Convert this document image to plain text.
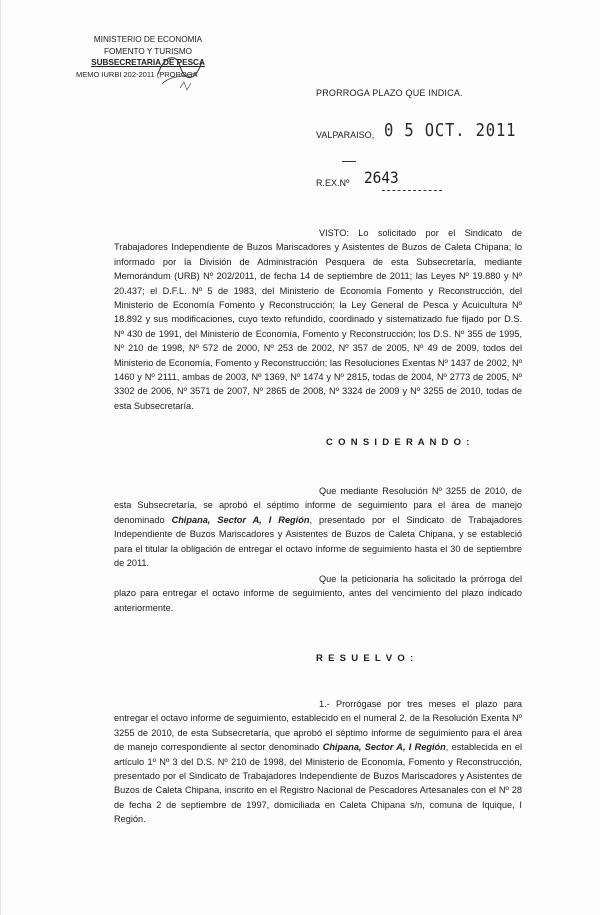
MINISTERIO DE ECONOMIA
FOMENTO Y TURISMO
SUBSECRETARIA DE PESCA
MEMO IURBI 202-2011 (PROROGA
PRORROGA PLAZO QUE INDICA.
VALPARAISO, 0 5 OCT. 2011
R.EX.Nº 2643
VISTO: Lo solicitado por el Sindicato de Trabajadores Independiente de Buzos Mariscadores y Asistentes de Buzos de Caleta Chipana; lo informado por la División de Administración Pesquera de esta Subsecretaría, mediante Memorándum (URB) Nº 202/2011, de fecha 14 de septiembre de 2011; las Leyes Nº 19.880 y Nº 20.437; el D.F.L. Nº 5 de 1983, del Ministerio de Economía Fomento y Reconstrucción, del Ministerio de Economía Fomento y Reconstrucción; la Ley General de Pesca y Acuicultura Nº 18.892 y sus modificaciones, cuyo texto refundido, coordinado y sistematizado fue fijado por D.S. Nº 430 de 1991, del Ministerio de Economía, Fomento y Reconstrucción; los D.S. Nº 355 de 1995, Nº 210 de 1998, Nº 572 de 2000, Nº 253 de 2002, Nº 357 de 2005, Nº 49 de 2009, todos del Ministerio de Economía, Fomento y Reconstrucción; las Resoluciones Exentas Nº 1437 de 2002, Nº 1460 y Nº 2111, ambas de 2003, Nº 1369, Nº 1474 y Nº 2815, todas de 2004, Nº 2773 de 2005, Nº 3302 de 2006, Nº 3571 de 2007, Nº 2865 de 2008, Nº 3324 de 2009 y Nº 3255 de 2010, todas de esta Subsecretaría.
C O N S I D E R A N D O :
Que mediante Resolución Nº 3255 de 2010, de esta Subsecretaría, se aprobó el séptimo informe de seguimiento para el área de manejo denominado Chipana, Sector A, I Región, presentado por el Sindicato de Trabajadores Independiente de Buzos Mariscadores y Asistentes de Buzos de Caleta Chipana, y se estableció para el titular la obligación de entregar el octavo informe de seguimiento hasta el 30 de septiembre de 2011.
Que la peticionaria ha solicitado la prórroga del plazo para entregar el octavo informe de seguimiento, antes del vencimiento del plazo indicado anteriormente.
R E S U E L V O :
1.- Prorrógase por tres meses el plazo para entregar el octavo informe de seguimiento, establecido en el numeral 2. de la Resolución Exenta Nº 3255 de 2010, de esta Subsecretaría, que aprobó el séptimo informe de seguimiento para el área de manejo correspondiente al sector denominado Chipana, Sector A, I Región, establecida en el artículo 1º Nº 3 del D.S. Nº 210 de 1998, del Ministerio de Economía, Fomento y Reconstrucción, presentado por el Sindicato de Trabajadores Independiente de Buzos Mariscadores y Asistentes de Buzos de Caleta Chipana, inscrito en el Registro Nacional de Pescadores Artesanales con el Nº 28 de fecha 2 de septiembre de 1997, domiciliada en Caleta Chipana s/n, comuna de Iquique, I Región.
